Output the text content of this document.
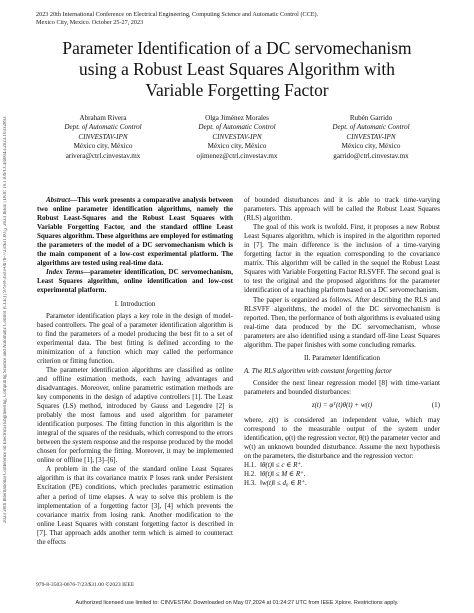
2023 20th International Conference on Electrical Engineering, Computing Science and Automatic Control (CCE).
Mexico City, Mexico. October 25-27, 2023
2023 20th International Conference on Electrical Engineering, Computing Science and Automatic Control (CCE) | 979-8-3503-0676-7/23/$31.00 ©2023 IEEE | DOI: 10.1109/CCE60043.2023.10332893
Parameter Identification of a DC servomechanism
using a Robust Least Squares Algorithm with
Variable Forgetting Factor
Abraham Rivera
Dept. of Automatic Control
CINVESTAV-IPN
México city, México
arivera@ctrl.cinvestav.mx
Olga Jiménez Morales
Dept. of Automatic Control
CINVESTAV-IPN
México city, México
ojimenez@ctrl.cinvestav.mx
Rubén Garrido
Dept. of Automatic Control
CINVESTAV-IPN
México city, México
garrido@ctrl.cinvestav.mx

Abstract—This work presents a comparative analysis between two online parameter identification algorithms, namely the Robust Least-Squares and the Robust Least Squares with Variable Forgetting Factor, and the standard offline Least Squares algorithm. These algorithms are employed for estimating the parameters of the model of a DC servomechanism which is the main component of a low-cost experimental platform. The algorithms are tested using real-time data.

Index Terms—parameter identification, DC servomechanism, Least Squares algorithm, online identification and low-cost experimental platform.

I. Introduction

Parameter identification plays a key role in the design of model-based controllers. The goal of a parameter identification algorithm is to find the parameters of a model producing the best fit to a set of experimental data. The best fitting is defined according to the minimization of a function which may called the performance criterion or fitting function.

The parameter identification algorithms are classified as online and offline estimation methods, each having advantages and disadvantages. Moreover, online parametric estimation methods are key components in the design of adaptive controllers [1]. The Least Squares (LS) method, introduced by Gauss and Legendre [2] is probably the most famous and used algorithm for parameter identification purposes. The fitting function in this algorithm is the integral of the squares of the residuals, which correspond to the errors between the system response and the response produced by the model chosen for performing the fitting. Moreover, it may be implemented online or offline [1], [3]–[6].

A problem in the case of the standard online Least Squares algorithm is that its covariance matrix P loses rank under Persistent Excitation (PE) conditions, which precludes parametric estimation after a period of time elapses. A way to solve this problem is the implementation of a forgetting factor [3], [4] which prevents the covariance matrix from losing rank. Another modification to the online Least Squares with constant forgetting factor is described in [7]. That approach adds another term which is aimed to counteract the effects

of bounded disturbances and it is able to track time-varying parameters. This approach will be called the Robust Least Squares (RLS) algorithm.

The goal of this work is twofold. First, it proposes a new Robust Least Squares algorithm, which is inspired in the algorithm reported in [7]. The main difference is the inclusion of a time-varying forgetting factor in the equation corresponding to the covariance matrix. This algorithm will be called in the sequel the Robust Least Squares with Variable Forgetting Factor RLSVFF. The second goal is to test the original and the proposed algorithms for the parameter identification of a teaching platform based on a DC servomechanism.

The paper is organized as follows. After describing the RLS and RLSVFF algorithms, the model of the DC servomechanism is reported. Then, the performance of both algorithms is evaluated using real-time data produced by the DC servomechanism, whose parameters are also identified using a standard off-line Least Squares algorithm. The paper finishes with some concluding remarks.

II. Parameter Identification
A. The RLS algorithm with constant forgetting factor

Consider the next linear regression model [8] with time-variant parameters and bounded disturbances:

z(t) = φᵀ(t)θ(t) + w(t)	(1)

where, z(t) is considered an independent value, which may correspond to the measurable output of the system under identification, φ(t) the regression vector, θ(t) the parameter vector and w(t) an unknown bounded disturbance. Assume the next hypothesis on the parameters, the disturbance and the regression vector:

H.1. ‖θ(t)‖ ≤ c ∈ R⁺.
H.2. ‖θ̇(t)‖ ≤ M ∈ R⁺.
H.3. ‖w(t)‖ ≤ d₀ ∈ R⁺.
979-8-3503-0676-7/23/$31.00 ©2023 IEEE
Authorized licensed use limited to: CINVESTAV. Downloaded on May 07,2024 at 01:24:27 UTC from IEEE Xplore. Restrictions apply.
